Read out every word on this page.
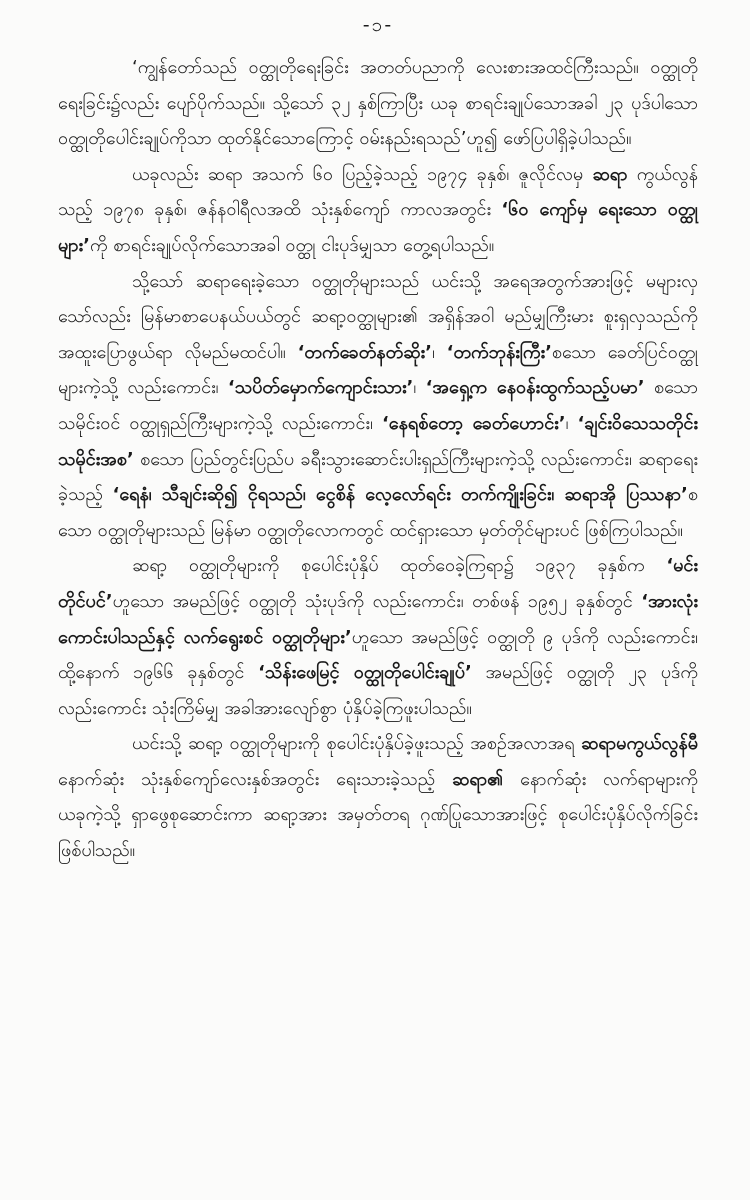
-၁-

‘ကျွန်တော်သည် ဝတ္ထုတိုရေးခြင်း အတတ်ပညာကို လေးစားအထင်ကြီးသည်။ ဝတ္ထုတိုရေးခြင်း၌လည်း ပျော်ပိုက်သည်။ သို့သော် ၃၂ နှစ်ကြာပြီး ယခု စာရင်းချုပ်သောအခါ ၂၃ ပုဒ်ပါသော ဝတ္ထုတိုပေါင်းချုပ်ကိုသာ ထုတ်နိုင်သောကြောင့် ဝမ်းနည်းရသည်’ဟူ၍ ဖော်ပြပါရှိခဲ့ပါသည်။

ယခုလည်း ဆရာ အသက် ၆၀ ပြည့်ခဲ့သည့် ၁၉၇၄ ခုနှစ်၊ ဇူလိုင်လမှ ဆရာ ကွယ်လွန်သည့် ၁၉၇၈ ခုနှစ်၊ ဇန်နဝါရီလအထိ သုံးနှစ်ကျော် ကာလအတွင်း ‘၆၀ ကျော်မှ ရေးသော ဝတ္ထုများ’ကို စာရင်းချုပ်လိုက်သောအခါ ဝတ္ထု ငါးပုဒ်မျှသာ တွေ့ရပါသည်။

သို့သော် ဆရာရေးခဲ့သော ဝတ္ထုတိုများသည် ယင်းသို့ အရေအတွက်အားဖြင့် မများလှသော်လည်း မြန်မာစာပေနယ်ပယ်တွင် ဆရာ့ဝတ္ထုများ၏ အရှိန်အဝါ မည်မျှကြီးမား စူးရှလှသည်ကို အထူးပြောဖွယ်ရာ လိုမည်မထင်ပါ။ ‘တက်ခေတ်နတ်ဆိုး’၊ ‘တက်ဘုန်းကြီး’စသော ခေတ်ပြင်ဝတ္ထုများကဲ့သို့ လည်းကောင်း၊ ‘သပိတ်မှောက်ကျောင်းသား’၊ ‘အရှေ့က နေဝန်းထွက်သည့်ပမာ’ စသော သမိုင်းဝင် ဝတ္ထုရှည်ကြီးများကဲ့သို့ လည်းကောင်း၊ ‘နေရစ်တော့ ခေတ်ဟောင်း’၊ ‘ချင်းဝိသေသတိုင်း သမိုင်းအစ’ စသော ပြည်တွင်းပြည်ပ ခရီးသွားဆောင်းပါးရှည်ကြီးများကဲ့သို့ လည်းကောင်း၊ ဆရာရေးခဲ့သည့် ‘ရေနံ၊ သီချင်းဆို၍ ငိုရသည်၊ ငွေစိန် လေ့လော်ရင်း တက်ကျိုးခြင်း၊ ဆရာအို ပြဿနာ’စသော ဝတ္ထုတိုများသည် မြန်မာ ဝတ္ထုတိုလောကတွင် ထင်ရှားသော မှတ်တိုင်များပင် ဖြစ်ကြပါသည်။

ဆရာ့ ဝတ္ထုတိုများကို စုပေါင်းပုံနှိပ် ထုတ်ဝေခဲ့ကြရာ၌ ၁၉၃၇ ခုနှစ်က ‘မင်းတိုင်ပင်’ဟူသော အမည်ဖြင့် ဝတ္ထုတို သုံးပုဒ်ကို လည်းကောင်း၊ တစ်ဖန် ၁၉၅၂ ခုနှစ်တွင် ‘အားလုံးကောင်းပါသည်နှင့် လက်ရွေးစင် ဝတ္ထုတိုများ’ဟူသော အမည်ဖြင့် ဝတ္ထုတို ၉ ပုဒ်ကို လည်းကောင်း၊ ထို့နောက် ၁၉၆၆ ခုနှစ်တွင် ‘သိန်းဖေမြင့် ဝတ္ထုတိုပေါင်းချုပ်’ အမည်ဖြင့် ဝတ္ထုတို ၂၃ ပုဒ်ကို လည်းကောင်း သုံးကြိမ်မျှ အခါအားလျော်စွာ ပုံနှိပ်ခဲ့ကြဖူးပါသည်။

ယင်းသို့ ဆရာ့ ဝတ္ထုတိုများကို စုပေါင်းပုံနှိပ်ခဲ့ဖူးသည့် အစဉ်အလာအရ ဆရာမကွယ်လွန်မီ နောက်ဆုံး သုံးနှစ်ကျော်လေးနှစ်အတွင်း ရေးသားခဲ့သည့် ဆရာ၏ နောက်ဆုံး လက်ရာများကို ယခုကဲ့သို့ ရှာဖွေစုဆောင်းကာ ဆရာ့အား အမှတ်တရ ဂုဏ်ပြုသောအားဖြင့် စုပေါင်းပုံနှိပ်လိုက်ခြင်း ဖြစ်ပါသည်။
